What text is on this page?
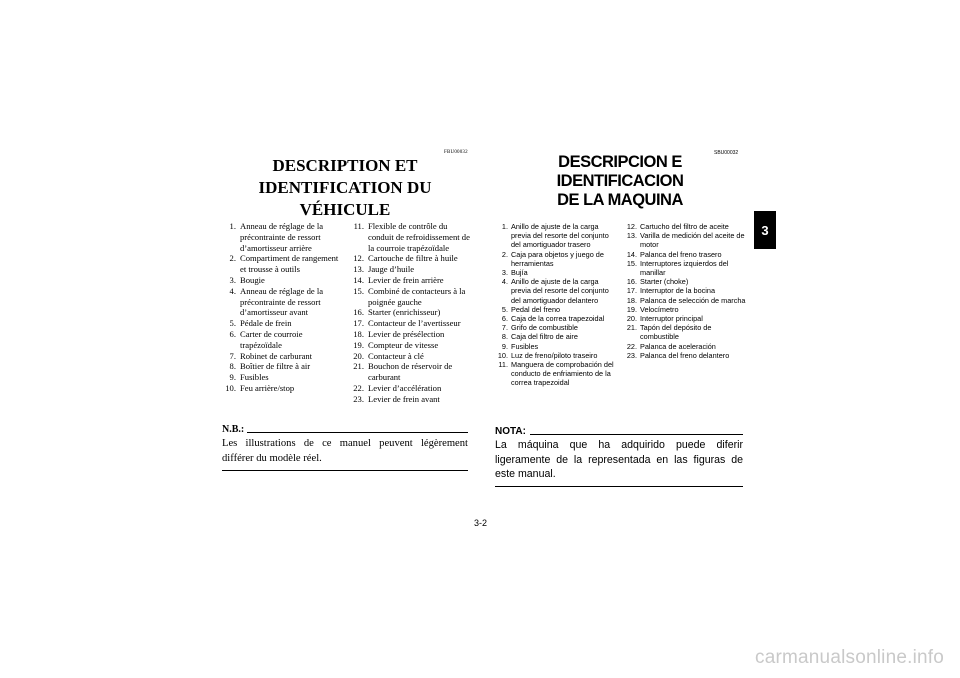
FBU00032
DESCRIPTION ET
IDENTIFICATION DU VÉHICULE
1. Anneau de réglage de la précontrainte de ressort d’amortisseur arrière
2. Compartiment de rangement et trousse à outils
3. Bougie
4. Anneau de réglage de la précontrainte de ressort d’amortisseur avant
5. Pédale de frein
6. Carter de courroie trapézoïdale
7. Robinet de carburant
8. Boîtier de filtre à air
9. Fusibles
10. Feu arrière/stop
11. Flexible de contrôle du conduit de refroidissement de la courroie trapézoïdale
12. Cartouche de filtre à huile
13. Jauge d’huile
14. Levier de frein arrière
15. Combiné de contacteurs à la poignée gauche
16. Starter (enrichisseur)
17. Contacteur de l’avertisseur
18. Levier de présélection
19. Compteur de vitesse
20. Contacteur à clé
21. Bouchon de réservoir de carburant
22. Levier d’accélération
23. Levier de frein avant
N.B.:
Les illustrations de ce manuel peuvent légèrement différer du modèle réel.
SBU00032
DESCRIPCION E IDENTIFICACION
DE LA MAQUINA
1. Anillo de ajuste de la carga previa del resorte del conjunto del amortiguador trasero
2. Caja para objetos y juego de herramientas
3. Bujía
4. Anillo de ajuste de la carga previa del resorte del conjunto del amortiguador delantero
5. Pedal del freno
6. Caja de la correa trapezoidal
7. Grifo de combustible
8. Caja del filtro de aire
9. Fusibles
10. Luz de freno/piloto traseiro
11. Manguera de comprobación del conducto de enfriamiento de la correa trapezoidal
12. Cartucho del filtro de aceite
13. Varilla de medición del aceite de motor
14. Palanca del freno trasero
15. Interruptores izquierdos del manillar
16. Starter (choke)
17. Interruptor de la bocina
18. Palanca de selección de marcha
19. Velocímetro
20. Interruptor principal
21. Tapón del depósito de combustible
22. Palanca de aceleración
23. Palanca del freno delantero
NOTA:
La máquina que ha adquirido puede diferir ligeramente de la representada en las figuras de este manual.
3
3-2
carmanualsonline.info
